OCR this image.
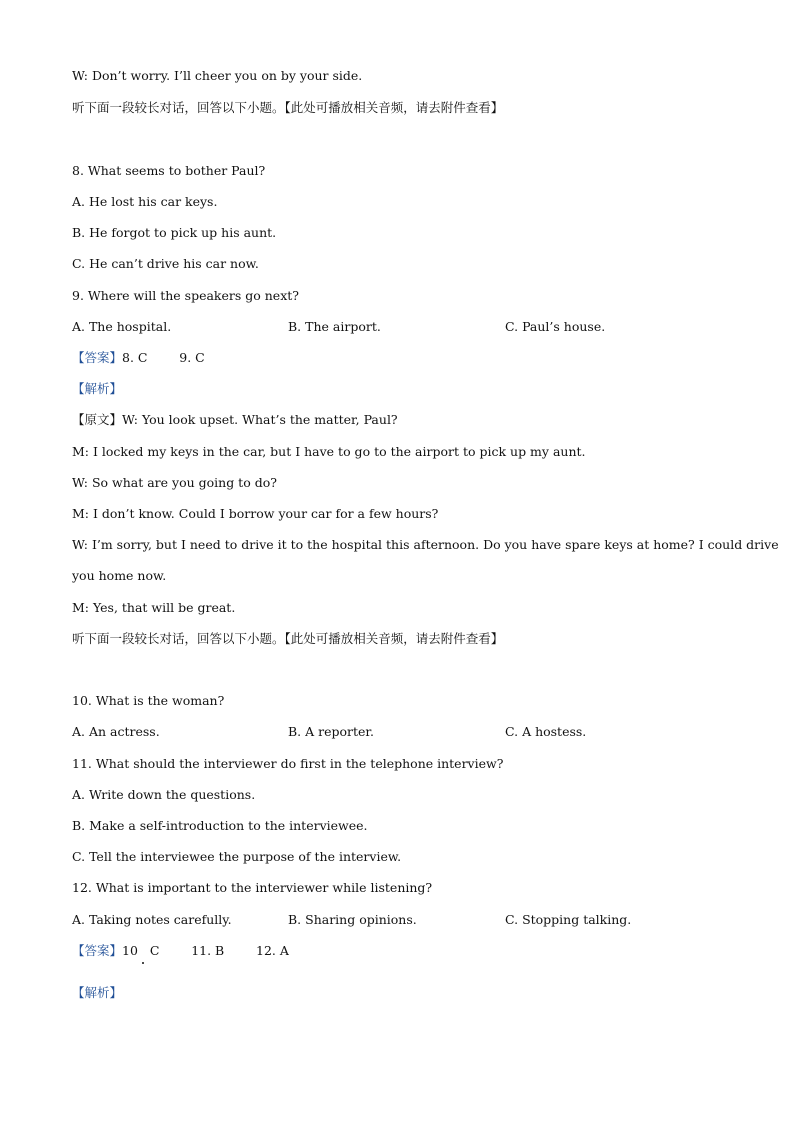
W: Don’t worry. I’ll cheer you on by your side.
听下面一段较长对话，回答以下小题。【此处可播放相关音频，请去附件查看】
8. What seems to bother Paul?
A. He lost his car keys.
B. He forgot to pick up his aunt.
C. He can’t drive his car now.
9. Where will the speakers go next?
A. The hospital.	B. The airport.	C. Paul’s house.
【答案】8. C        9. C
【解析】
【原文】W: You look upset. What’s the matter, Paul?
M: I locked my keys in the car, but I have to go to the airport to pick up my aunt.
W: So what are you going to do?
M: I don’t know. Could I borrow your car for a few hours?
W: I’m sorry, but I need to drive it to the hospital this afternoon. Do you have spare keys at home? I could drive
you home now.
M: Yes, that will be great.
听下面一段较长对话，回答以下小题。【此处可播放相关音频，请去附件查看】
10. What is the woman?
A. An actress.	B. A reporter.	C. A hostess.
11. What should the interviewer do first in the telephone interview?
A. Write down the questions.
B. Make a self-introduction to the interviewee.
C. Tell the interviewee the purpose of the interview.
12. What is important to the interviewer while listening?
A. Taking notes carefully.	B. Sharing opinions.	C. Stopping talking.
【答案】10   C        11. B        12. A
【解析】
